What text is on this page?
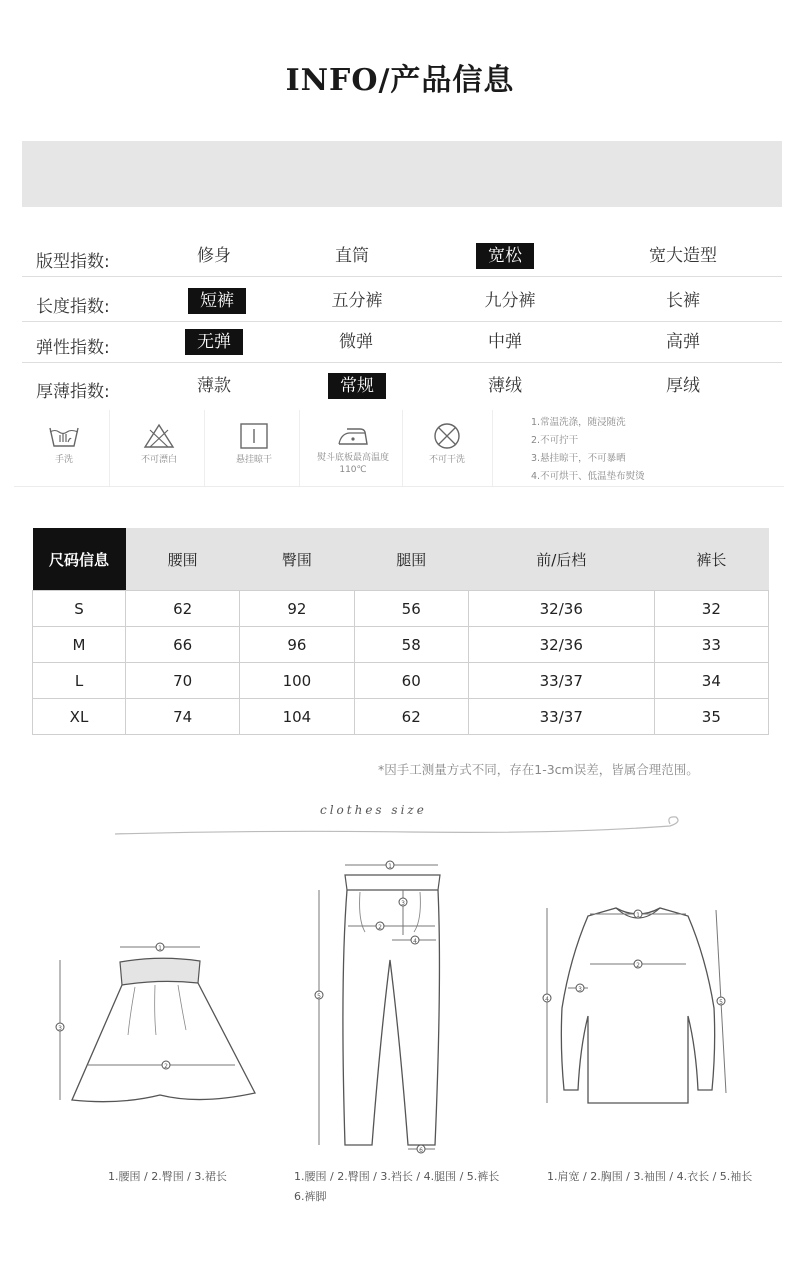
INFO/产品信息
版型指数:	修身	直筒	宽松	宽大造型
长度指数:	短裤	五分裤	九分裤	长裤
弹性指数:	无弹	微弹	中弹	高弹
厚薄指数:	薄款	常规	薄绒	厚绒
手洗	不可漂白	悬挂晾干	熨斗底板最高温度110℃
不可干洗
1.常温洗涤，随浸随洗
2.不可拧干
3.悬挂晾干，不可暴晒
4.不可烘干、低温垫布熨烫
尺码信息	腰围	臀围	腿围	前/后档	裤长
S	62	92	56	32/36	32
M	66	96	58	32/36	33
L	70	100	60	33/37	34
XL	74	104	62	33/37	35
*因手工测量方式不同，存在1-3cm误差，皆属合理范围。
clothes size
1
2
3
1.腰围 / 2.臀围 / 3.裙长
1
2
3
4
5
6
1.腰围 / 2.臀围 / 3.裆长 / 4.腿围 / 5.裤长
6.裤脚
1
2
3
4	5
1.肩宽 / 2.胸围 / 3.袖围 / 4.衣长 / 5.袖长
